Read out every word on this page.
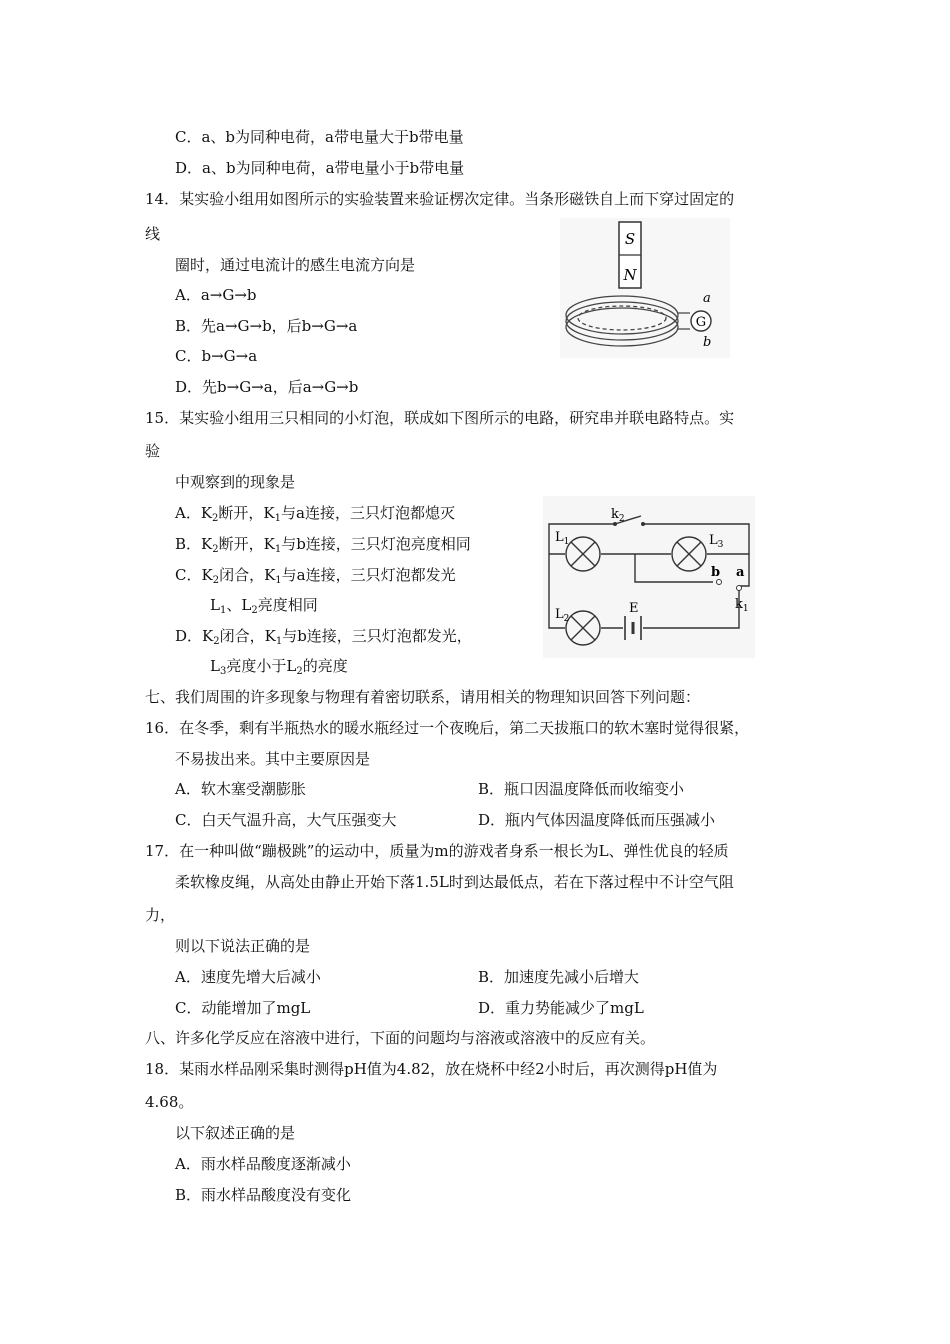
C．a、b为同种电荷，a带电量大于b带电量
D．a、b为同种电荷，a带电量小于b带电量
14．某实验小组用如图所示的实验装置来验证楞次定律。当条形磁铁自上而下穿过固定的
线
圈时，通过电流计的感生电流方向是
A．a→G→b
B．先a→G→b，后b→G→a
C．b→G→a
D．先b→G→a，后a→G→b
S
N
G
a
b
15．某实验小组用三只相同的小灯泡，联成如下图所示的电路，研究串并联电路特点。实
验
中观察到的现象是
A．$K_2$断开，$K_1$与a连接，三只灯泡都熄灭
B．$K_2$断开，$K_1$与b连接，三只灯泡亮度相同
C．$K_2$闭合，$K_1$与a连接，三只灯泡都发光
$L_1$、$L_2$亮度相同
D．$K_2$闭合，$K_1$与b连接，三只灯泡都发光，
$L_3$亮度小于$L_2$的亮度
$k_2$
$L_1$	$L_3$
$L_2$
E
b a
$k_1$
七、我们周围的许多现象与物理有着密切联系，请用相关的物理知识回答下列问题：
16．在冬季，剩有半瓶热水的暖水瓶经过一个夜晚后，第二天拔瓶口的软木塞时觉得很紧，
不易拔出来。其中主要原因是
A．软木塞受潮膨胀	B．瓶口因温度降低而收缩变小
C．白天气温升高，大气压强变大	D．瓶内气体因温度降低而压强减小
17．在一种叫做“蹦极跳”的运动中，质量为m的游戏者身系一根长为L、弹性优良的轻质
柔软橡皮绳，从高处由静止开始下落1.5L时到达最低点，若在下落过程中不计空气阻
力，
则以下说法正确的是
A．速度先增大后减小	B．加速度先减小后增大
C．动能增加了mgL	D．重力势能减少了mgL
八、许多化学反应在溶液中进行，下面的问题均与溶液或溶液中的反应有关。
18．某雨水样品刚采集时测得pH值为4.82，放在烧杯中经2小时后，再次测得pH值为
4.68。
以下叙述正确的是
A．雨水样品酸度逐渐减小
B．雨水样品酸度没有变化
